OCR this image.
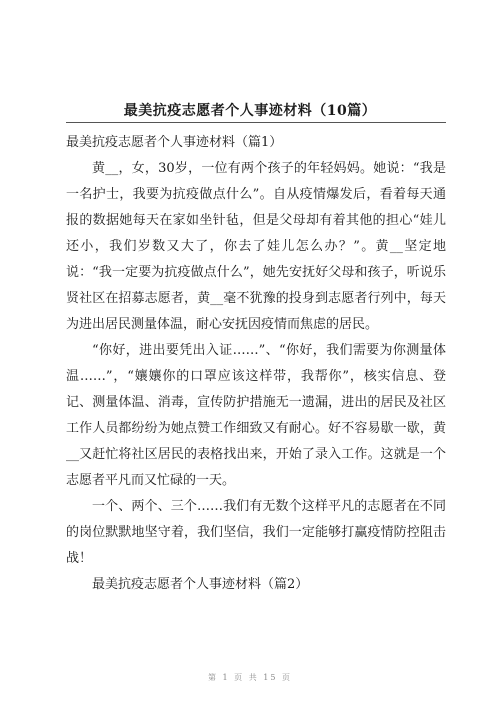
最美抗疫志愿者个人事迹材料（10篇）
最美抗疫志愿者个人事迹材料（篇1）

黄__，女，30岁，一位有两个孩子的年轻妈妈。她说：“我是一名护士，我要为抗疫做点什么”。自从疫情爆发后，看着每天通报的数据她每天在家如坐针毡，但是父母却有着其他的担心“娃儿还小，我们岁数又大了，你去了娃儿怎么办？”。黄__坚定地说：“我一定要为抗疫做点什么”，她先安抚好父母和孩子，听说乐贤社区在招募志愿者，黄__毫不犹豫的投身到志愿者行列中，每天为进出居民测量体温，耐心安抚因疫情而焦虑的居民。

“你好，进出要凭出入证……”、“你好，我们需要为你测量体温……”，“孃孃你的口罩应该这样带，我帮你”，核实信息、登记、测量体温、消毒，宣传防护措施无一遗漏，进出的居民及社区工作人员都纷纷为她点赞工作细致又有耐心。好不容易歇一歇，黄__又赶忙将社区居民的表格找出来，开始了录入工作。这就是一个志愿者平凡而又忙碌的一天。

一个、两个、三个……我们有无数个这样平凡的志愿者在不同的岗位默默地坚守着，我们坚信，我们一定能够打赢疫情防控阻击战！

最美抗疫志愿者个人事迹材料（篇2）
第 1 页 共 15 页
